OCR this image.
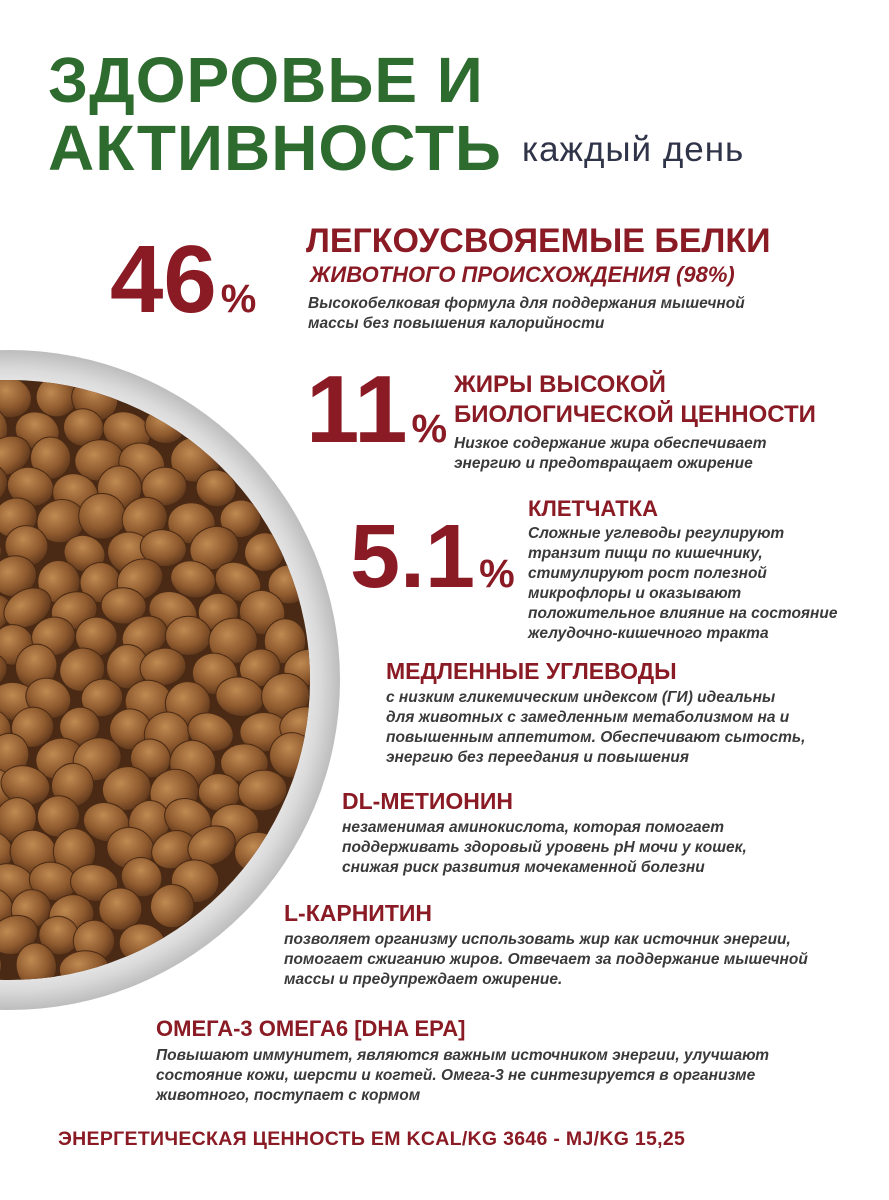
ЗДОРОВЬЕ И
АКТИВНОСТЬ каждый день
46 %
ЛЕГКОУСВОЯЕМЫЕ БЕЛКИ
ЖИВОТНОГО ПРОИСХОЖДЕНИЯ (98%)
Высокобелковая формула для поддержания мышечной
массы без повышения калорийности
11 %
ЖИРЫ ВЫСОКОЙ
БИОЛОГИЧЕСКОЙ ЦЕННОСТИ
Низкое содержание жира обеспечивает
энергию и предотвращает ожирение
5.1 %
КЛЕТЧАТКА
Сложные углеводы регулируют
транзит пищи по кишечнику,
стимулируют рост полезной
микрофлоры и оказывают
положительное влияние на состояние
желудочно-кишечного тракта
МЕДЛЕННЫЕ УГЛЕВОДЫ
с низким гликемическим индексом (ГИ) идеальны
для животных с замедленным метаболизмом на и
повышенным аппетитом. Обеспечивают сытость,
энергию без переедания и повышения
DL-МЕТИОНИН
незаменимая аминокислота, которая помогает
поддерживать здоровый уровень рН мочи у кошек,
снижая риск развития мочекаменной болезни
L-КАРНИТИН
позволяет организму использовать жир как источник энергии,
помогает сжиганию жиров. Отвечает за поддержание мышечной
массы и предупреждает ожирение.
ОМЕГА-3 ОМЕГА6 [DHA EPA]
Повышают иммунитет, являются важным источником энергии, улучшают
состояние кожи, шерсти и когтей. Омега-3 не синтезируется в организме
животного, поступает с кормом
ЭНЕРГЕТИЧЕСКАЯ ЦЕННОСТЬ ЕМ KCAL/KG 3646 - MJ/KG 15,25
